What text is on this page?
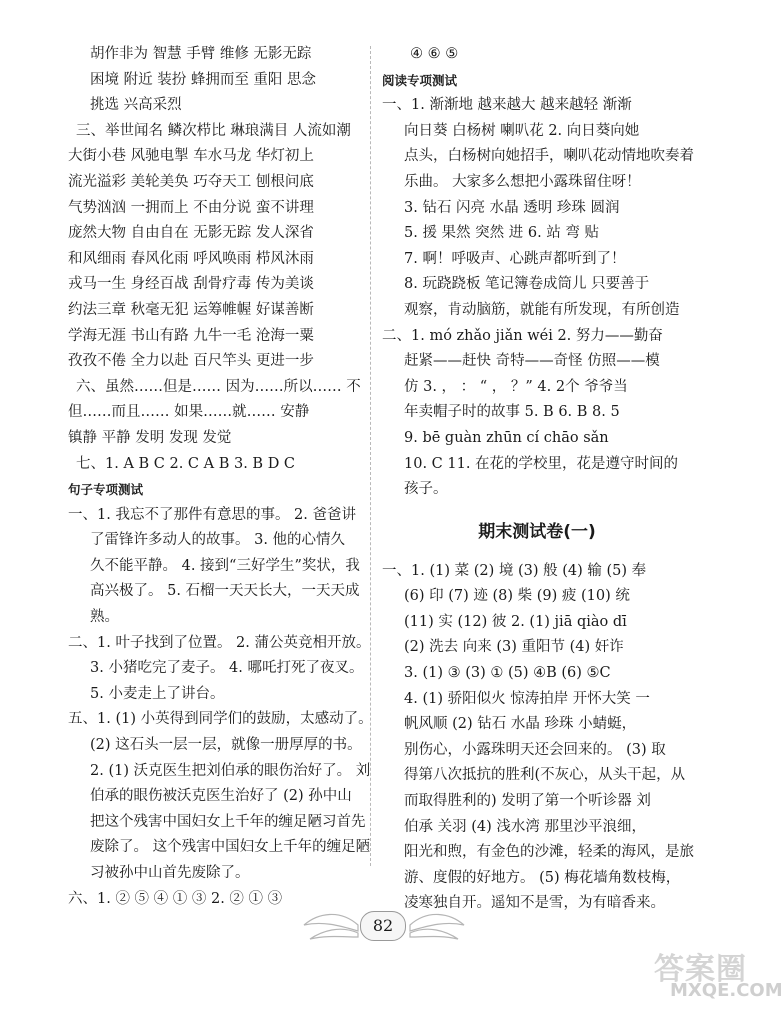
胡作非为 智慧 手臂 维修 无影无踪
困境 附近 装扮 蜂拥而至 重阳 思念
挑选 兴高采烈
三、举世闻名 鳞次栉比 琳琅满目 人流如潮
大街小巷 风驰电掣 车水马龙 华灯初上
流光溢彩 美轮美奂 巧夺天工 刨根问底
气势汹汹 一拥而上 不由分说 蛮不讲理
庞然大物 自由自在 无影无踪 发人深省
和风细雨 春风化雨 呼风唤雨 栉风沐雨
戎马一生 身经百战 刮骨疗毒 传为美谈
约法三章 秋毫无犯 运筹帷幄 好谋善断
学海无涯 书山有路 九牛一毛 沧海一粟
孜孜不倦 全力以赴 百尺竿头 更进一步
六、虽然……但是…… 因为……所以…… 不
但……而且…… 如果……就…… 安静
镇静 平静 发明 发现 发觉
七、1. A B C 2. C A B 3. B D C
句子专项测试
一、1. 我忘不了那件有意思的事。 2. 爸爸讲
了雷锋许多动人的故事。 3. 他的心情久
久不能平静。 4. 接到“三好学生”奖状，我
高兴极了。 5. 石榴一天天长大，一天天成
熟。
二、1. 叶子找到了位置。 2. 蒲公英竞相开放。
3. 小猪吃完了麦子。 4. 哪吒打死了夜叉。
5. 小麦走上了讲台。
五、1. (1) 小英得到同学们的鼓励，太感动了。
(2) 这石头一层一层，就像一册厚厚的书。
2. (1) 沃克医生把刘伯承的眼伤治好了。 刘
伯承的眼伤被沃克医生治好了 (2) 孙中山
把这个残害中国妇女上千年的缠足陋习首先
废除了。 这个残害中国妇女上千年的缠足陋
习被孙中山首先废除了。
六、1. ② ⑤ ④ ① ③ 2. ② ① ③
④ ⑥ ⑤
阅读专项测试
一、1. 渐渐地 越来越大 越来越轻 渐渐
向日葵 白杨树 喇叭花 2. 向日葵向她
点头，白杨树向她招手，喇叭花动情地吹奏着
乐曲。 大家多么想把小露珠留住呀！
3. 钻石 闪亮 水晶 透明 珍珠 圆润
5. 援 果然 突然 进 6. 站 弯 贴
7. 啊！呼吸声、心跳声都听到了！
8. 玩跷跷板 笔记簿卷成筒儿 只要善于
观察，肯动脑筋，就能有所发现，有所创造
二、1. mó zhǎo jiǎn wéi 2. 努力——勤奋
赶紧——赶快 奇特——奇怪 仿照——模
仿 3. ， ： “ ， ？” 4. 2个 爷爷当
年卖帽子时的故事 5. B 6. B 8. 5
9. bē guàn zhūn cí chāo sǎn
10. C 11. 在花的学校里，花是遵守时间的
孩子。
期末测试卷(一)
一、1. (1) 菜 (2) 境 (3) 般 (4) 输 (5) 奉
(6) 印 (7) 迹 (8) 柴 (9) 疲 (10) 统
(11) 实 (12) 彼 2. (1) jiā qiào dī
(2) 洗去 向来 (3) 重阳节 (4) 奸诈
3. (1) ③ (3) ① (5) ④B (6) ⑤C
4. (1) 骄阳似火 惊涛拍岸 开怀大笑 一
帆风顺 (2) 钻石 水晶 珍珠 小蜻蜓，
别伤心，小露珠明天还会回来的。 (3) 取
得第八次抵抗的胜利(不灰心，从头干起，从
而取得胜利的) 发明了第一个听诊器 刘
伯承 关羽 (4) 浅水湾 那里沙平浪细，
阳光和煦，有金色的沙滩，轻柔的海风，是旅
游、度假的好地方。 (5) 梅花墙角数枝梅，
凌寒独自开。遥知不是雪，为有暗香来。
82
答案圈
MXQE.COM
